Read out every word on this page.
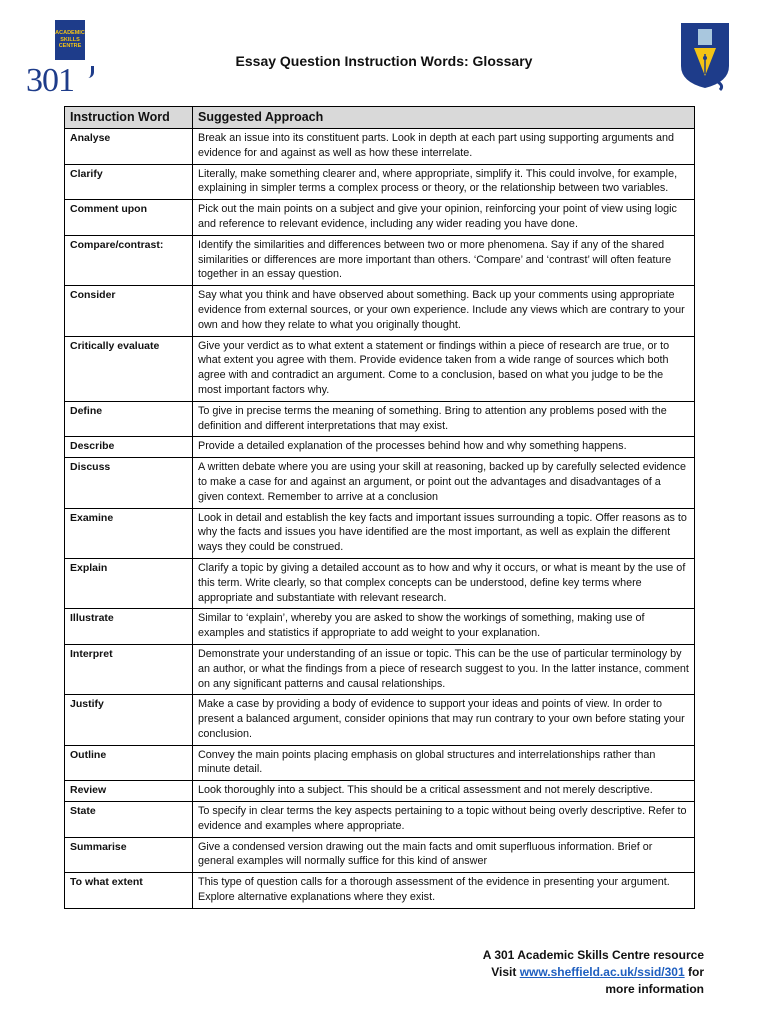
ACADEMIC
SKILLS
CENTRE
301
Essay Question Instruction Words: Glossary
Instruction Word	Suggested Approach
Analyse	Break an issue into its constituent parts. Look in depth at each part using supporting arguments and evidence for and against as well as how these interrelate.
Clarify	Literally, make something clearer and, where appropriate, simplify it. This could involve, for example, explaining in simpler terms a complex process or theory, or the relationship between two variables.
Comment upon	Pick out the main points on a subject and give your opinion, reinforcing your point of view using logic and reference to relevant evidence, including any wider reading you have done.
Compare/contrast:	Identify the similarities and differences between two or more phenomena. Say if any of the shared similarities or differences are more important than others. ‘Compare’ and ‘contrast’ will often feature together in an essay question.
Consider	Say what you think and have observed about something. Back up your comments using appropriate evidence from external sources, or your own experience. Include any views which are contrary to your own and how they relate to what you originally thought.
Critically evaluate	Give your verdict as to what extent a statement or findings within a piece of research are true, or to what extent you agree with them. Provide evidence taken from a wide range of sources which both agree with and contradict an argument. Come to a conclusion, based on what you judge to be the most important factors why.
Define	To give in precise terms the meaning of something. Bring to attention any problems posed with the definition and different interpretations that may exist.
Describe	Provide a detailed explanation of the processes behind how and why something happens.
Discuss	A written debate where you are using your skill at reasoning, backed up by carefully selected evidence to make a case for and against an argument, or point out the advantages and disadvantages of a given context. Remember to arrive at a conclusion
Examine	Look in detail and establish the key facts and important issues surrounding a topic. Offer reasons as to why the facts and issues you have identified are the most important, as well as explain the different ways they could be construed.
Explain	Clarify a topic by giving a detailed account as to how and why it occurs, or what is meant by the use of this term. Write clearly, so that complex concepts can be understood, define key terms where appropriate and substantiate with relevant research.
Illustrate	Similar to ‘explain’, whereby you are asked to show the workings of something, making use of examples and statistics if appropriate to add weight to your explanation.
Interpret	Demonstrate your understanding of an issue or topic. This can be the use of particular terminology by an author, or what the findings from a piece of research suggest to you. In the latter instance, comment on any significant patterns and causal relationships.
Justify	Make a case by providing a body of evidence to support your ideas and points of view. In order to present a balanced argument, consider opinions that may run contrary to your own before stating your conclusion.
Outline	Convey the main points placing emphasis on global structures and interrelationships rather than minute detail.
Review	Look thoroughly into a subject. This should be a critical assessment and not merely descriptive.
State	To specify in clear terms the key aspects pertaining to a topic without being overly descriptive. Refer to evidence and examples where appropriate.
Summarise	Give a condensed version drawing out the main facts and omit superfluous information. Brief or general examples will normally suffice for this kind of answer
To what extent	This type of question calls for a thorough assessment of the evidence in presenting your argument. Explore alternative explanations where they exist.
A 301 Academic Skills Centre resource
Visit www.sheffield.ac.uk/ssid/301 for
more information
